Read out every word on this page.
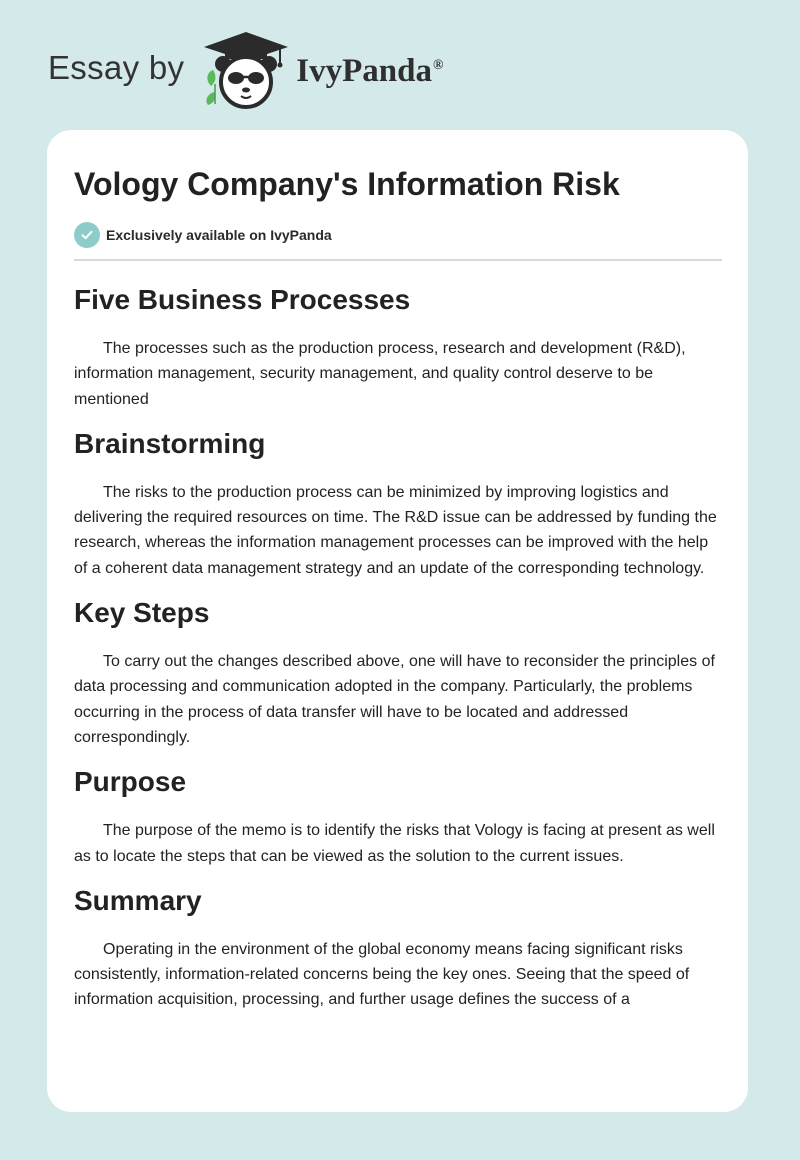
Essay by	IvyPanda®
Vology Company's Information Risk
Exclusively available on IvyPanda
Five Business Processes

The processes such as the production process, research and development (R&D), information management, security management, and quality control deserve to be mentioned

Brainstorming

The risks to the production process can be minimized by improving logistics and delivering the required resources on time. The R&D issue can be addressed by funding the research, whereas the information management processes can be improved with the help of a coherent data management strategy and an update of the corresponding technology.

Key Steps

To carry out the changes described above, one will have to reconsider the principles of data processing and communication adopted in the company. Particularly, the problems occurring in the process of data transfer will have to be located and addressed correspondingly.

Purpose

The purpose of the memo is to identify the risks that Vology is facing at present as well as to locate the steps that can be viewed as the solution to the current issues.

Summary

Operating in the environment of the global economy means facing significant risks consistently, information-related concerns being the key ones. Seeing that the speed of information acquisition, processing, and further usage defines the success of a
